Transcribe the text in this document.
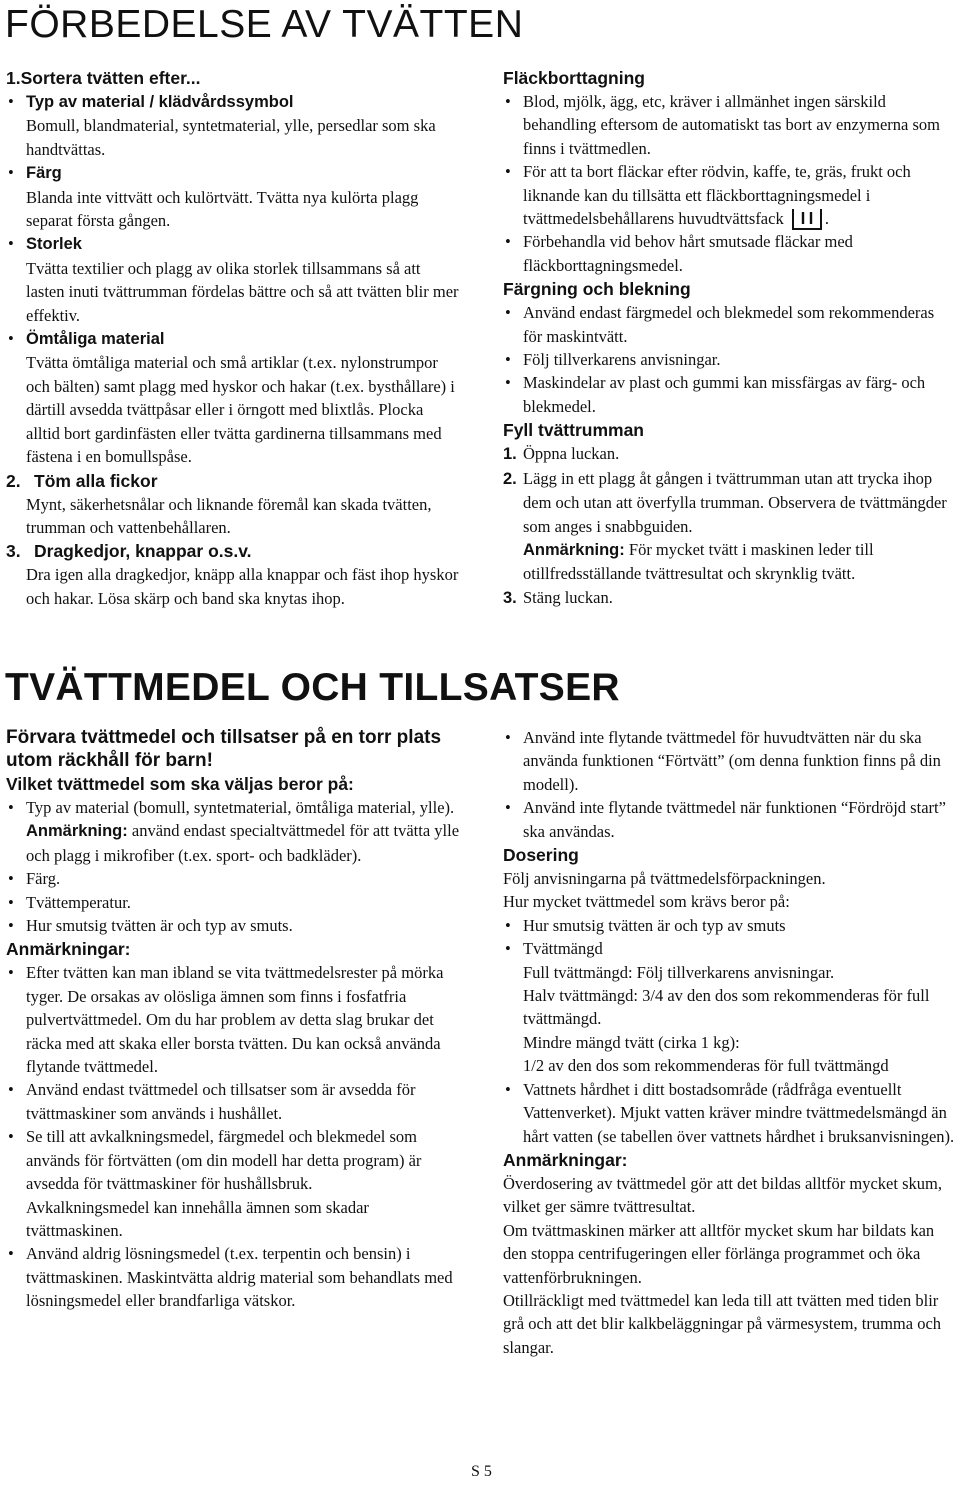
FÖRBEDELSE AV TVÄTTEN

1.Sortera tvätten efter...

• Typ av material / klädvårdssymbol
Bomull, blandmaterial, syntetmaterial, ylle, persedlar som ska handtvättas.
• Färg
Blanda inte vittvätt och kulörtvätt. Tvätta nya kulörta plagg separat första gången.
• Storlek
Tvätta textilier och plagg av olika storlek tillsammans så att lasten inuti tvättrumman fördelas bättre och så att tvätten blir mer effektiv.
• Ömtåliga material
Tvätta ömtåliga material och små artiklar (t.ex. nylonstrumpor och bälten) samt plagg med hyskor och hakar (t.ex. bysthållare) i därtill avsedda tvättpåsar eller i örngott med blixtlås. Plocka alltid bort gardinfästen eller tvätta gardinerna tillsammans med fästena i en bomullspåse.

2. Töm alla fickor

Mynt, säkerhetsnålar och liknande föremål kan skada tvätten, trumman och vattenbehållaren.

3. Dragkedjor, knappar o.s.v.

Dra igen alla dragkedjor, knäpp alla knappar och fäst ihop hyskor och hakar. Lösa skärp och band ska knytas ihop.

Fläckborttagning

• Blod, mjölk, ägg, etc, kräver i allmänhet ingen särskild behandling eftersom de automatiskt tas bort av enzymerna som finns i tvättmedlen.
• För att ta bort fläckar efter rödvin, kaffe, te, gräs, frukt och liknande kan du tillsätta ett fläckborttagningsmedel i tvättmedelsbehållarens huvudtvättsfack .
• Förbehandla vid behov hårt smutsade fläckar med fläckborttagningsmedel.

Färgning och blekning

• Använd endast färgmedel och blekmedel som rekommenderas för maskintvätt.
• Följ tillverkarens anvisningar.
• Maskindelar av plast och gummi kan missfärgas av färg- och blekmedel.

Fyll tvättrumman

1. Öppna luckan.

2. Lägg in ett plagg åt gången i tvättrumman utan att trycka ihop dem och utan att överfylla trumman. Observera de tvättmängder som anges i snabbguiden.

Anmärkning: För mycket tvätt i maskinen leder till otillfredsställande tvättresultat och skrynklig tvätt.

3. Stäng luckan.

TVÄTTMEDEL OCH TILLSATSER

Förvara tvättmedel och tillsatser på en torr plats utom räckhåll för barn!

Vilket tvättmedel som ska väljas beror på:

• Typ av material (bomull, syntetmaterial, ömtåliga material, ylle).
Anmärkning: använd endast specialtvättmedel för att tvätta ylle och plagg i mikrofiber (t.ex. sport- och badkläder).
• Färg.
• Tvättemperatur.
• Hur smutsig tvätten är och typ av smuts.

Anmärkningar:

• Efter tvätten kan man ibland se vita tvättmedelsrester på mörka tyger. De orsakas av olösliga ämnen som finns i fosfatfria pulvertvättmedel. Om du har problem av detta slag brukar det räcka med att skaka eller borsta tvätten. Du kan också använda flytande tvättmedel.
• Använd endast tvättmedel och tillsatser som är avsedda för tvättmaskiner som används i hushållet.
• Se till att avkalkningsmedel, färgmedel och blekmedel som används för förtvätten (om din modell har detta program) är avsedda för tvättmaskiner för hushållsbruk.
Avkalkningsmedel kan innehålla ämnen som skadar tvättmaskinen.
• Använd aldrig lösningsmedel (t.ex. terpentin och bensin) i tvättmaskinen. Maskintvätta aldrig material som behandlats med lösningsmedel eller brandfarliga vätskor.
• Använd inte flytande tvättmedel för huvudtvätten när du ska använda funktionen “Förtvätt” (om denna funktion finns på din modell).
• Använd inte flytande tvättmedel när funktionen “Fördröjd start” ska användas.

Dosering

Följ anvisningarna på tvättmedelsförpackningen.

Hur mycket tvättmedel som krävs beror på:

• Hur smutsig tvätten är och typ av smuts
• Tvättmängd
Full tvättmängd: Följ tillverkarens anvisningar.
Halv tvättmängd: 3/4 av den dos som rekommenderas för full tvättmängd.
Mindre mängd tvätt (cirka 1 kg):
1/2 av den dos som rekommenderas för full tvättmängd
• Vattnets hårdhet i ditt bostadsområde (rådfråga eventuellt Vattenverket). Mjukt vatten kräver mindre tvättmedelsmängd än hårt vatten (se tabellen över vattnets hårdhet i bruksanvisningen).

Anmärkningar:

Överdosering av tvättmedel gör att det bildas alltför mycket skum, vilket ger sämre tvättresultat.

Om tvättmaskinen märker att alltför mycket skum har bildats kan den stoppa centrifugeringen eller förlänga programmet och öka vattenförbrukningen.

Otillräckligt med tvättmedel kan leda till att tvätten med tiden blir grå och att det blir kalkbeläggningar på värmesystem, trumma och slangar.

S 5
